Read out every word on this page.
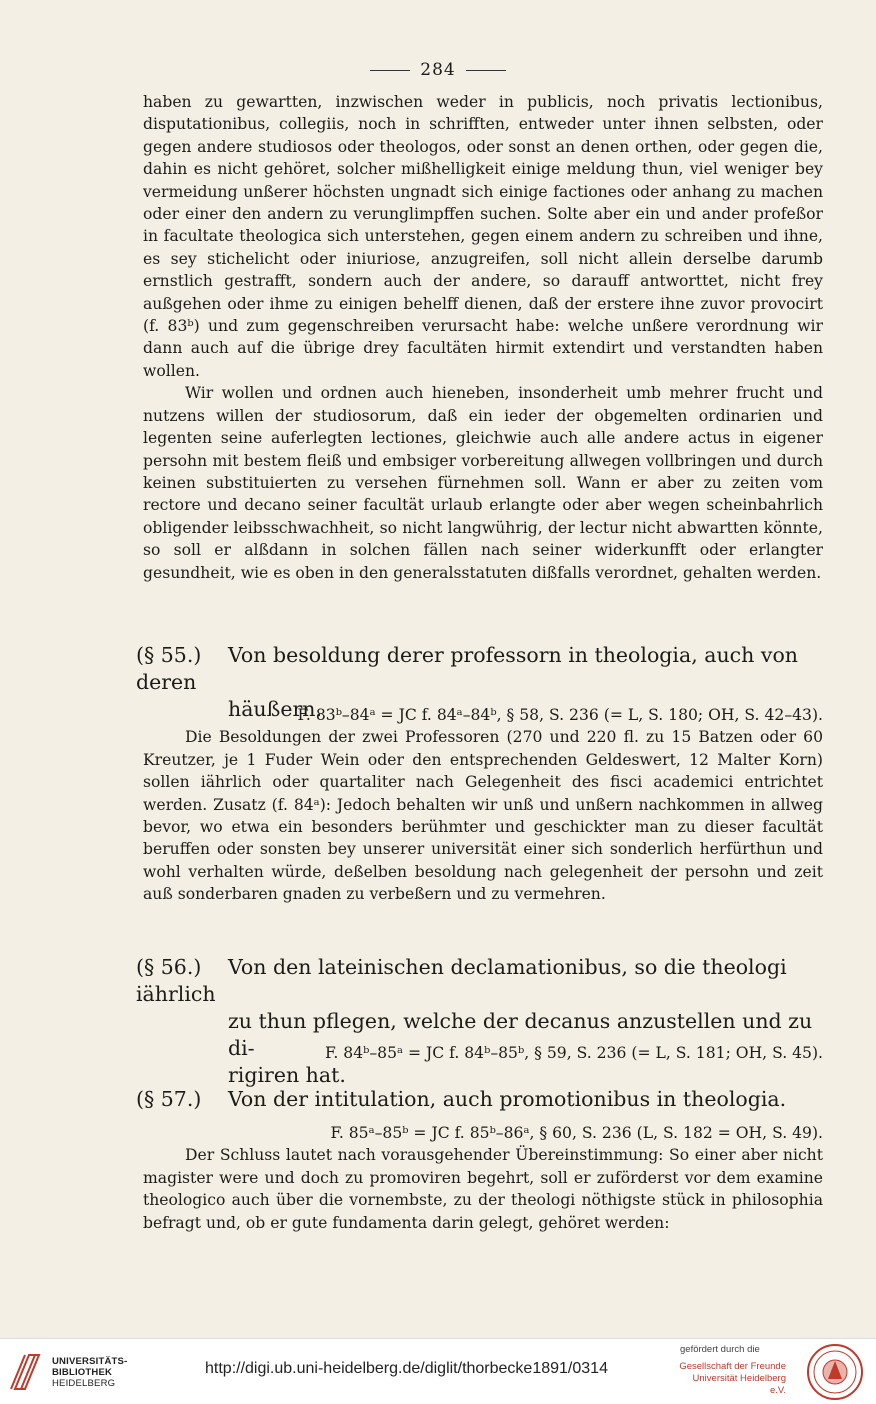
284

haben zu gewartten, inzwischen weder in publicis, noch privatis lectionibus, disputationibus, collegiis, noch in schrifften, entweder unter ihnen selbsten, oder gegen andere studiosos oder theologos, oder sonst an denen orthen, oder gegen die, dahin es nicht gehöret, solcher mißhelligkeit einige meldung thun, viel weniger bey vermeidung unßerer höchsten ungnadt sich einige factiones oder anhang zu machen oder einer den andern zu verunglimpffen suchen. Solte aber ein und ander profeßor in facultate theologica sich unterstehen, gegen einem andern zu schreiben und ihne, es sey stichelicht oder iniuriose, anzugreifen, soll nicht allein derselbe darumb ernstlich gestrafft, sondern auch der andere, so darauff antworttet, nicht frey außgehen oder ihme zu einigen behelff dienen, daß der erstere ihne zuvor provocirt (f. 83ᵇ) und zum gegenschreiben verursacht habe: welche unßere verordnung wir dann auch auf die übrige drey facultäten hirmit extendirt und verstandten haben wollen.

Wir wollen und ordnen auch hieneben, insonderheit umb mehrer frucht und nutzens willen der studiosorum, daß ein ieder der obgemelten ordinarien und legenten seine auferlegten lectiones, gleichwie auch alle andere actus in eigener persohn mit bestem fleiß und embsiger vorbereitung allwegen vollbringen und durch keinen substituierten zu versehen fürnehmen soll. Wann er aber zu zeiten vom rectore und decano seiner facultät urlaub erlangte oder aber wegen scheinbahrlich obligender leibsschwachheit, so nicht langwührig, der lectur nicht abwartten könnte, so soll er alßdann in solchen fällen nach seiner widerkunfft oder erlangter gesundheit, wie es oben in den generalsstatuten dißfalls verordnet, gehalten werden.

(§ 55.) Von besoldung derer professorn in theologia, auch von deren
häußern.

F. 83ᵇ–84ᵃ = JC f. 84ᵃ–84ᵇ, § 58, S. 236 (= L, S. 180; OH, S. 42–43).

Die Besoldungen der zwei Professoren (270 und 220 fl. zu 15 Batzen oder 60 Kreutzer, je 1 Fuder Wein oder den entsprechenden Geldeswert, 12 Malter Korn) sollen iährlich oder quartaliter nach Gelegenheit des fisci academici entrichtet werden. Zusatz (f. 84ᵃ): Jedoch behalten wir unß und unßern nachkommen in allweg bevor, wo etwa ein besonders berühmter und geschickter man zu dieser facultät beruffen oder sonsten bey unserer universität einer sich sonderlich herfürthun und wohl verhalten würde, deßelben besoldung nach gelegenheit der persohn und zeit auß sonderbaren gnaden zu verbeßern und zu vermehren.

(§ 56.) Von den lateinischen declamationibus, so die theologi iährlich
zu thun pflegen, welche der decanus anzustellen und zu di-
rigiren hat.

F. 84ᵇ–85ᵃ = JC f. 84ᵇ–85ᵇ, § 59, S. 236 (= L, S. 181; OH, S. 45).

(§ 57.) Von der intitulation, auch promotionibus in theologia.

F. 85ᵃ–85ᵇ = JC f. 85ᵇ–86ᵃ, § 60, S. 236 (L, S. 182 = OH, S. 49).

Der Schluss lautet nach vorausgehender Übereinstimmung: So einer aber nicht magister were und doch zu promoviren begehrt, soll er zuförderst vor dem examine theologico auch über die vornembste, zu der theologi nöthigste stück in philosophia befragt und, ob er gute fundamenta darin gelegt, gehöret werden:

UNIVERSITÄTS-
BIBLIOTHEK
HEIDELBERG
http://digi.ub.uni-heidelberg.de/diglit/thorbecke1891/0314
gefördert durch die
Gesellschaft der Freunde
Universität Heidelberg e.V.
